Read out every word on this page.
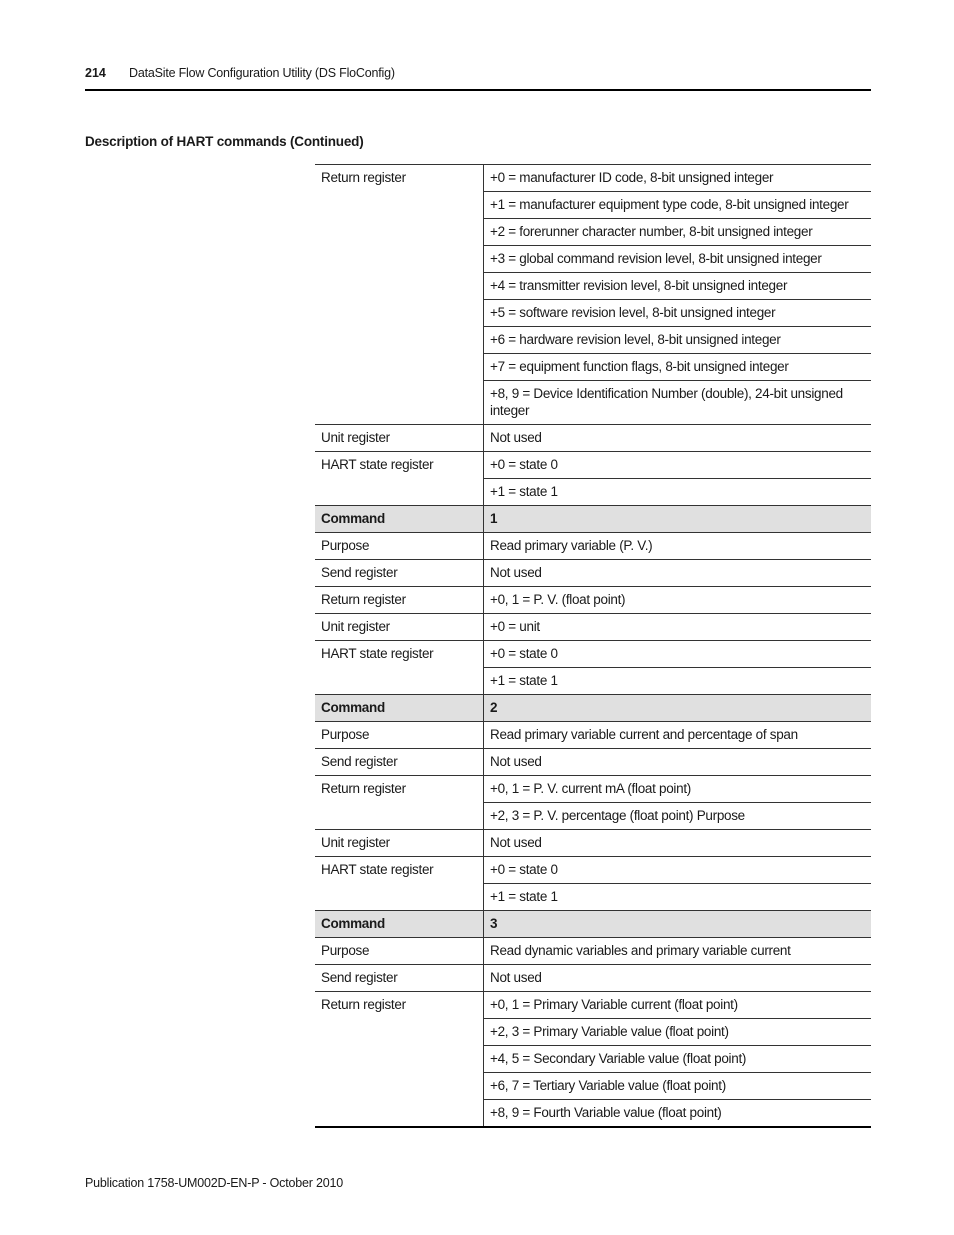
214 DataSite Flow Configuration Utility (DS FloConfig)
Description of HART commands (Continued)
Return register	+0 = manufacturer ID code, 8-bit unsigned integer
	+1 = manufacturer equipment type code, 8-bit unsigned integer
	+2 = forerunner character number, 8-bit unsigned integer
	+3 = global command revision level, 8-bit unsigned integer
	+4 = transmitter revision level, 8-bit unsigned integer
	+5 = software revision level, 8-bit unsigned integer
	+6 = hardware revision level, 8-bit unsigned integer
	+7 = equipment function flags, 8-bit unsigned integer
	+8, 9 = Device Identification Number (double), 24-bit unsigned integer
Unit register	Not used
HART state register	+0 = state 0
	+1 = state 1
Command	1
Purpose	Read primary variable (P. V.)
Send register	Not used
Return register	+0, 1 = P. V. (float point)
Unit register	+0 = unit
HART state register	+0 = state 0
	+1 = state 1
Command	2
Purpose	Read primary variable current and percentage of span
Send register	Not used
Return register	+0, 1 = P. V. current mA (float point)
	+2, 3 = P. V. percentage (float point) Purpose
Unit register	Not used
HART state register	+0 = state 0
	+1 = state 1
Command	3
Purpose	Read dynamic variables and primary variable current
Send register	Not used
Return register	+0, 1 = Primary Variable current (float point)
	+2, 3 = Primary Variable value (float point)
	+4, 5 = Secondary Variable value (float point)
	+6, 7 = Tertiary Variable value (float point)
	+8, 9 = Fourth Variable value (float point)
Publication 1758-UM002D-EN-P - October 2010
